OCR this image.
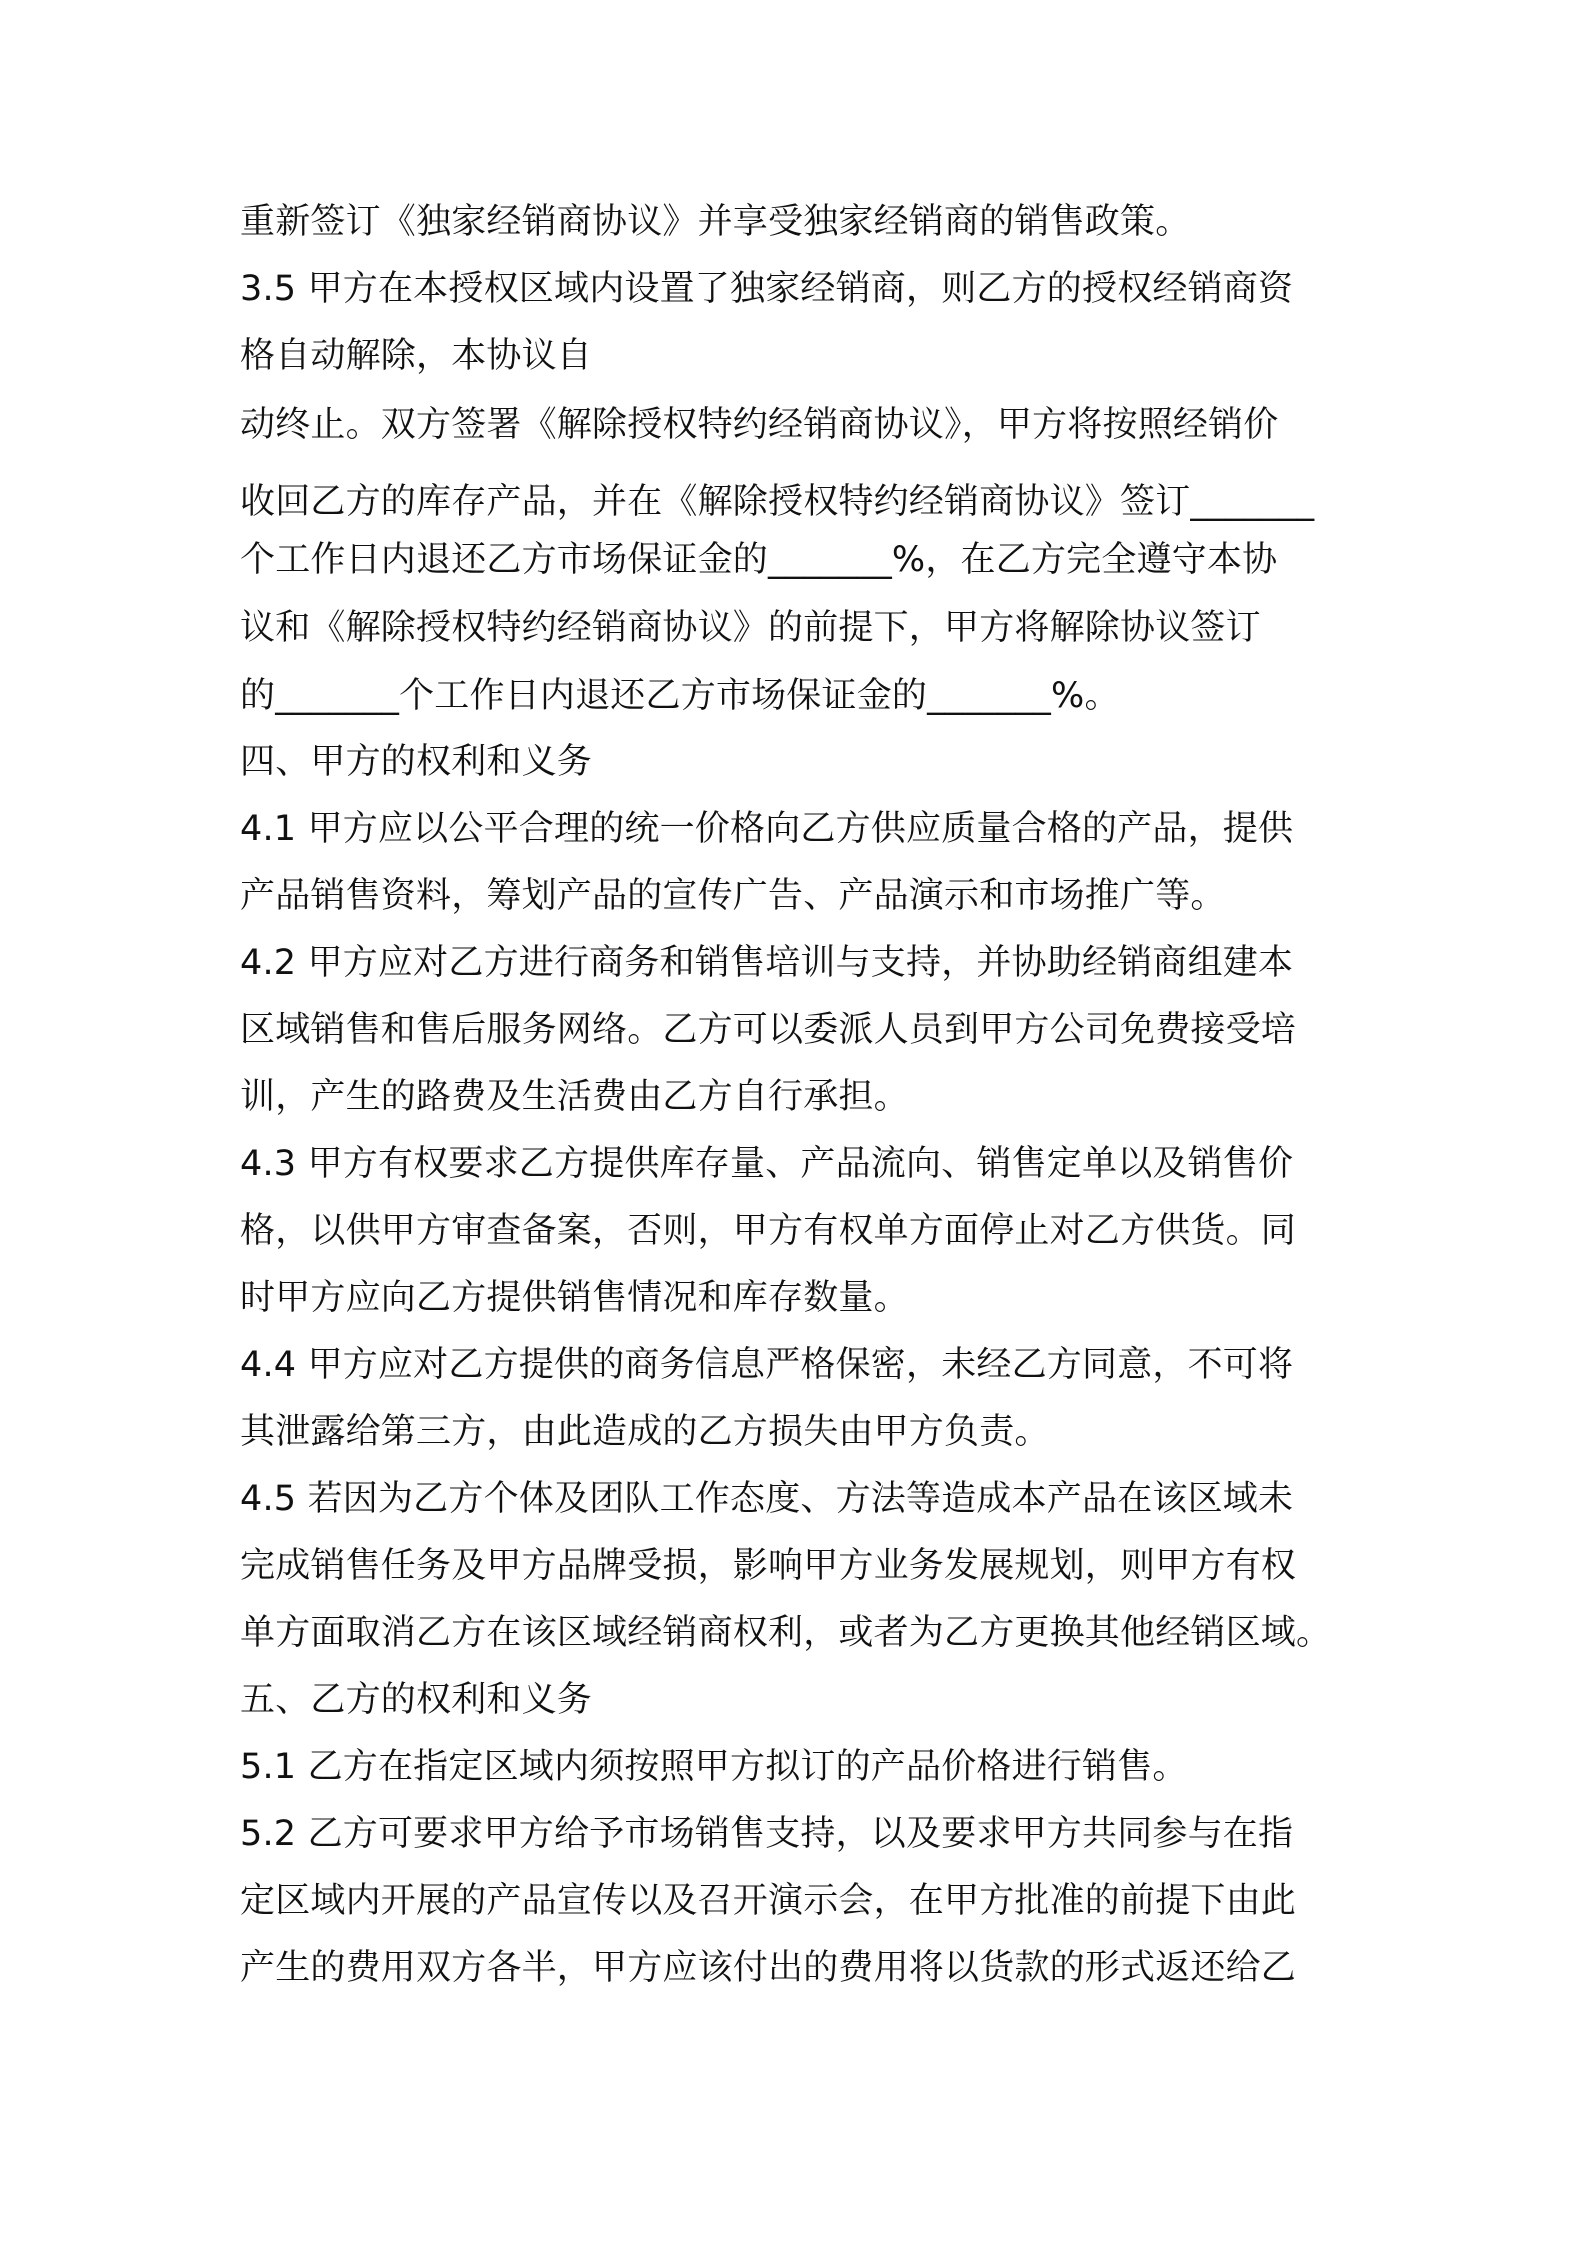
重新签订《独家经销商协议》并享受独家经销商的销售政策。
3.5 甲方在本授权区域内设置了独家经销商，则乙方的授权经销商资
格自动解除，本协议自
动终止。双方签署《解除授权特约经销商协议》，甲方将按照经销价
收回乙方的库存产品，并在《解除授权特约经销商协议》签订_______
个工作日内退还乙方市场保证金的_______%，在乙方完全遵守本协
议和《解除授权特约经销商协议》的前提下，甲方将解除协议签订
的_______个工作日内退还乙方市场保证金的_______%。
四、甲方的权利和义务
4.1 甲方应以公平合理的统一价格向乙方供应质量合格的产品，提供
产品销售资料，筹划产品的宣传广告、产品演示和市场推广等。
4.2 甲方应对乙方进行商务和销售培训与支持，并协助经销商组建本
区域销售和售后服务网络。乙方可以委派人员到甲方公司免费接受培
训，产生的路费及生活费由乙方自行承担。
4.3 甲方有权要求乙方提供库存量、产品流向、销售定单以及销售价
格，以供甲方审查备案，否则，甲方有权单方面停止对乙方供货。同
时甲方应向乙方提供销售情况和库存数量。
4.4 甲方应对乙方提供的商务信息严格保密，未经乙方同意，不可将
其泄露给第三方，由此造成的乙方损失由甲方负责。
4.5 若因为乙方个体及团队工作态度、方法等造成本产品在该区域未
完成销售任务及甲方品牌受损，影响甲方业务发展规划，则甲方有权
单方面取消乙方在该区域经销商权利，或者为乙方更换其他经销区域。
五、乙方的权利和义务
5.1 乙方在指定区域内须按照甲方拟订的产品价格进行销售。
5.2 乙方可要求甲方给予市场销售支持，以及要求甲方共同参与在指
定区域内开展的产品宣传以及召开演示会，在甲方批准的前提下由此
产生的费用双方各半，甲方应该付出的费用将以货款的形式返还给乙
